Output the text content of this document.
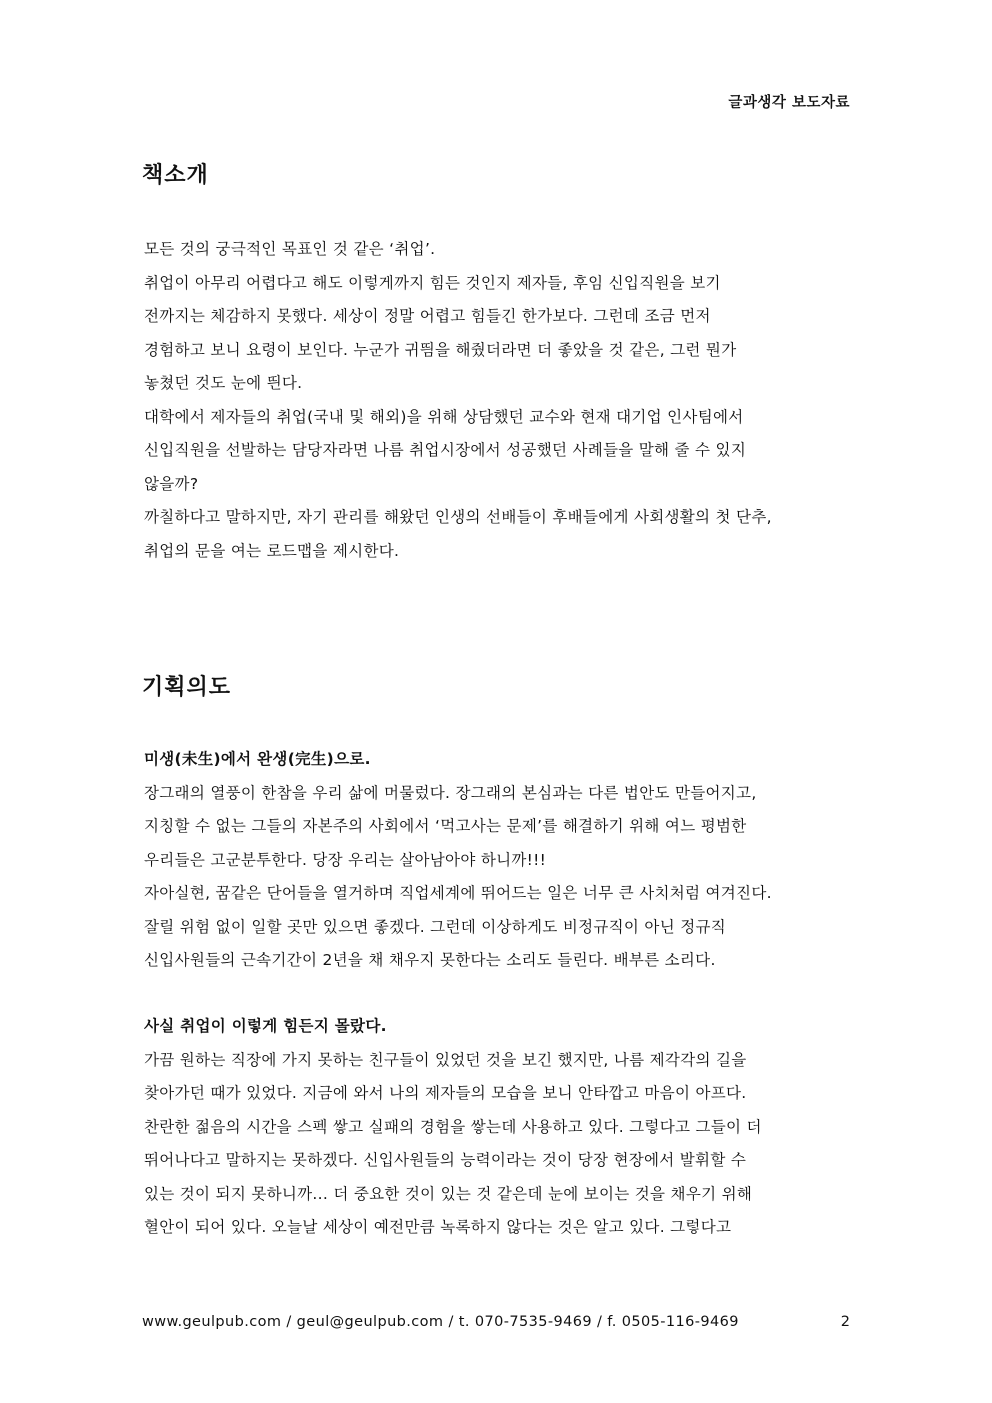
글과생각 보도자료
책소개
모든 것의 궁극적인 목표인 것 같은 ‘취업’.
취업이 아무리 어렵다고 해도 이렇게까지 힘든 것인지 제자들, 후임 신입직원을 보기
전까지는 체감하지 못했다. 세상이 정말 어렵고 힘들긴 한가보다. 그런데 조금 먼저
경험하고 보니 요령이 보인다. 누군가 귀띔을 해줬더라면 더 좋았을 것 같은, 그런 뭔가
놓쳤던 것도 눈에 띈다.
대학에서 제자들의 취업(국내 및 해외)을 위해 상담했던 교수와 현재 대기업 인사팀에서
신입직원을 선발하는 담당자라면 나름 취업시장에서 성공했던 사례들을 말해 줄 수 있지
않을까?
까칠하다고 말하지만, 자기 관리를 해왔던 인생의 선배들이 후배들에게 사회생활의 첫 단추,
취업의 문을 여는 로드맵을 제시한다.
기획의도
미생(未生)에서 완생(完生)으로.
장그래의 열풍이 한참을 우리 삶에 머물렀다. 장그래의 본심과는 다른 법안도 만들어지고,
지칭할 수 없는 그들의 자본주의 사회에서 ‘먹고사는 문제’를 해결하기 위해 여느 평범한
우리들은 고군분투한다. 당장 우리는 살아남아야 하니까!!!
자아실현, 꿈같은 단어들을 열거하며 직업세계에 뛰어드는 일은 너무 큰 사치처럼 여겨진다.
잘릴 위험 없이 일할 곳만 있으면 좋겠다. 그런데 이상하게도 비정규직이 아닌 정규직
신입사원들의 근속기간이 2년을 채 채우지 못한다는 소리도 들린다. 배부른 소리다.
사실 취업이 이렇게 힘든지 몰랐다.
가끔 원하는 직장에 가지 못하는 친구들이 있었던 것을 보긴 했지만, 나름 제각각의 길을
찾아가던 때가 있었다. 지금에 와서 나의 제자들의 모습을 보니 안타깝고 마음이 아프다.
찬란한 젊음의 시간을 스펙 쌓고 실패의 경험을 쌓는데 사용하고 있다. 그렇다고 그들이 더
뛰어나다고 말하지는 못하겠다. 신입사원들의 능력이라는 것이 당장 현장에서 발휘할 수
있는 것이 되지 못하니까... 더 중요한 것이 있는 것 같은데 눈에 보이는 것을 채우기 위해
혈안이 되어 있다. 오늘날 세상이 예전만큼 녹록하지 않다는 것은 알고 있다. 그렇다고
www.geulpub.com / geul@geulpub.com / t. 070-7535-9469 / f. 0505-116-9469	2
